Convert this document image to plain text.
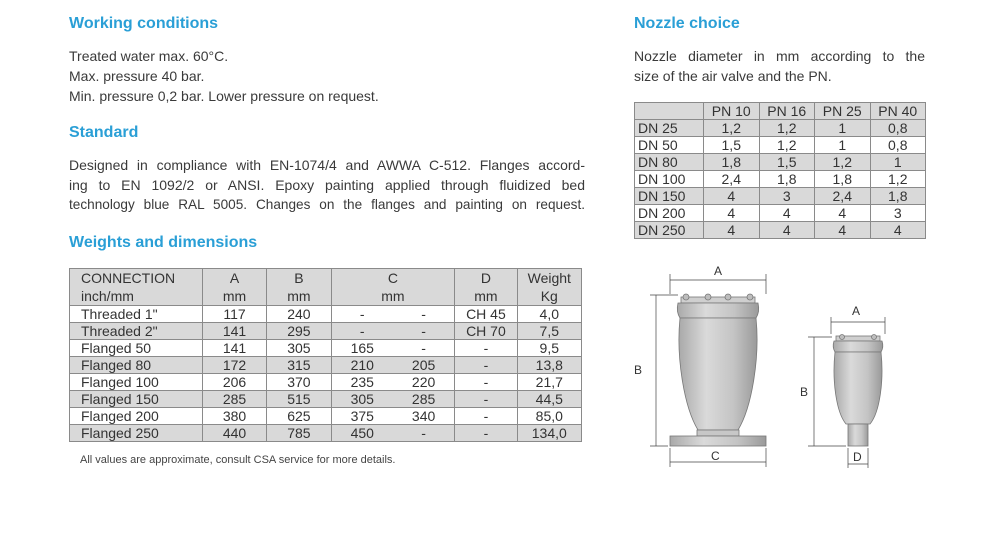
Working conditions
Treated water max. 60°C.
Max. pressure 40 bar.
Min. pressure 0,2 bar. Lower pressure on request.
Standard
Designed in compliance with EN-1074/4 and AWWA C-512. Flanges accord-
ing to EN 1092/2 or ANSI. Epoxy painting applied through fluidized bed
technology blue RAL 5005. Changes on the flanges and painting on request.
Weights and dimensions
CONNECTION	A	B	C		D	Weight
inch/mm	mm	mm	mm		mm	Kg
Threaded 1"	117	240	-	-	CH 45	4,0
Threaded 2"	141	295	-	-	CH 70	7,5
Flanged 50	141	305	165	-	-	9,5
Flanged 80	172	315	210	205	-	13,8
Flanged 100	206	370	235	220	-	21,7
Flanged 150	285	515	305	285	-	44,5
Flanged 200	380	625	375	340	-	85,0
Flanged 250	440	785	450	-	-	134,0

All values are approximate, consult CSA service for more details.

Nozzle choice
Nozzle diameter in mm according to the
size of the air valve and the PN.
	PN 10	PN 16	PN 25	PN 40
DN 25	1,2	1,2	1	0,8
DN 50	1,5	1,2	1	0,8
DN 80	1,8	1,5	1,2	1
DN 100	2,4	1,8	1,8	1,2
DN 150	4	3	2,4	1,8
DN 200	4	4	4	3
DN 250	4	4	4	4
A
B
C
A
B
D
